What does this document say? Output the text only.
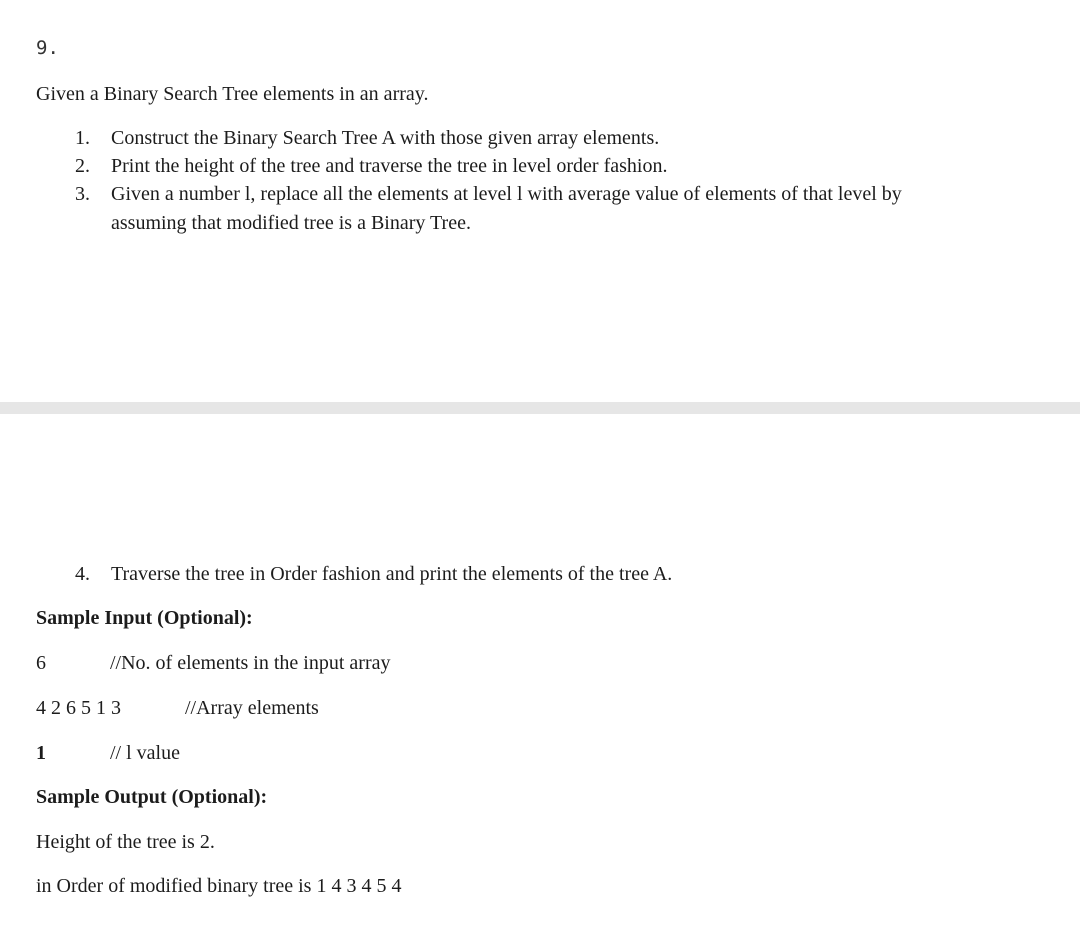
9.
Given a Binary Search Tree elements in an array.
1. Construct the Binary Search Tree A with those given array elements.
2. Print the height of the tree and traverse the tree in level order fashion.
3. Given a number l, replace all the elements at level l with average value of elements of that level by
assuming that modified tree is a Binary Tree.
4. Traverse the tree in Order fashion and print the elements of the tree A.
Sample Input (Optional):
6	//No. of elements in the input array
4 2 6 5 1 3	//Array elements
1	// l value
Sample Output (Optional):
Height of the tree is 2.
in Order of modified binary tree is 1 4 3 4 5 4
